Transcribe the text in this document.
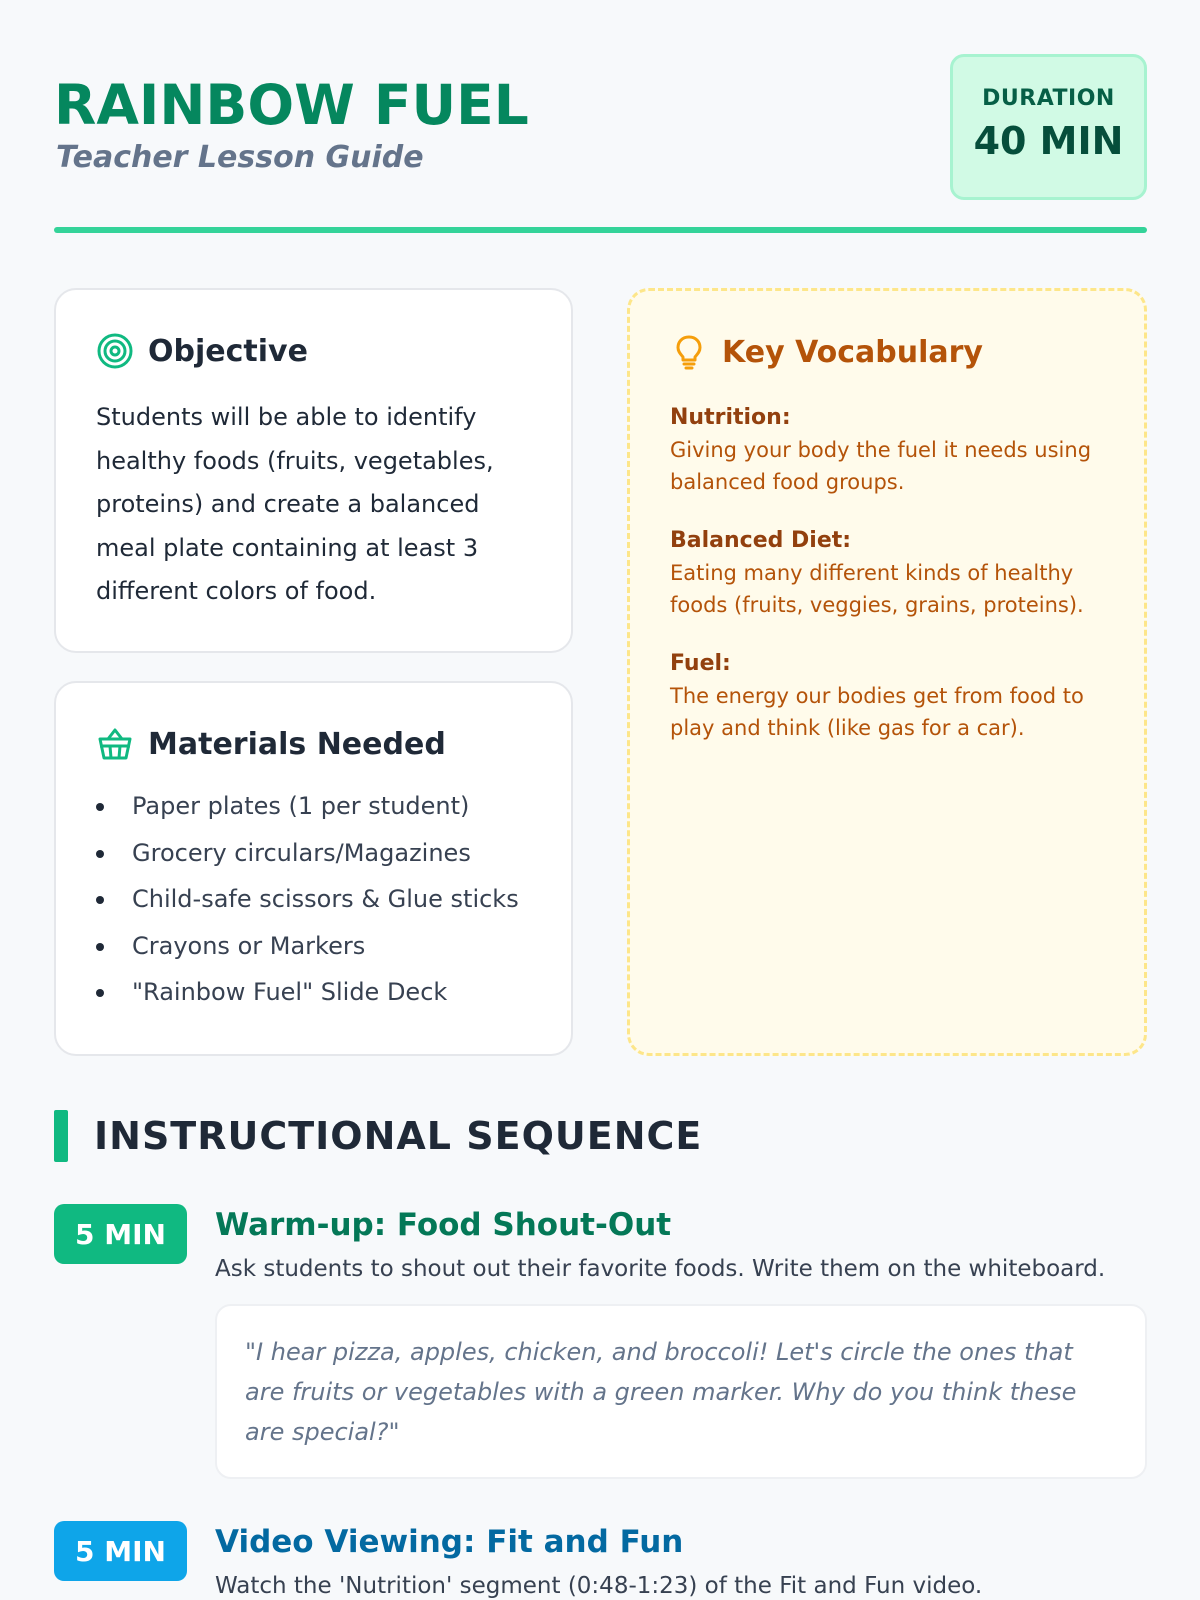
RAINBOW FUEL
Teacher Lesson Guide
DURATION
40 MIN
Objective
Students will be able to identify healthy foods (fruits, vegetables, proteins) and create a balanced meal plate containing at least 3 different colors of food.
Materials Needed
Paper plates (1 per student)
Grocery circulars/Magazines
Child-safe scissors & Glue sticks
Crayons or Markers
"Rainbow Fuel" Slide Deck
Key Vocabulary
Nutrition:
Giving your body the fuel it needs using balanced food groups.
Balanced Diet:
Eating many different kinds of healthy foods (fruits, veggies, grains, proteins).
Fuel:
The energy our bodies get from food to play and think (like gas for a car).
INSTRUCTIONAL SEQUENCE
5 MIN	Warm-up: Food Shout-Out
Ask students to shout out their favorite foods. Write them on the whiteboard.
"I hear pizza, apples, chicken, and broccoli! Let's circle the ones that are fruits or vegetables with a green marker. Why do you think these are special?"
5 MIN	Video Viewing: Fit and Fun
Watch the 'Nutrition' segment (0:48-1:23) of the Fit and Fun video.
